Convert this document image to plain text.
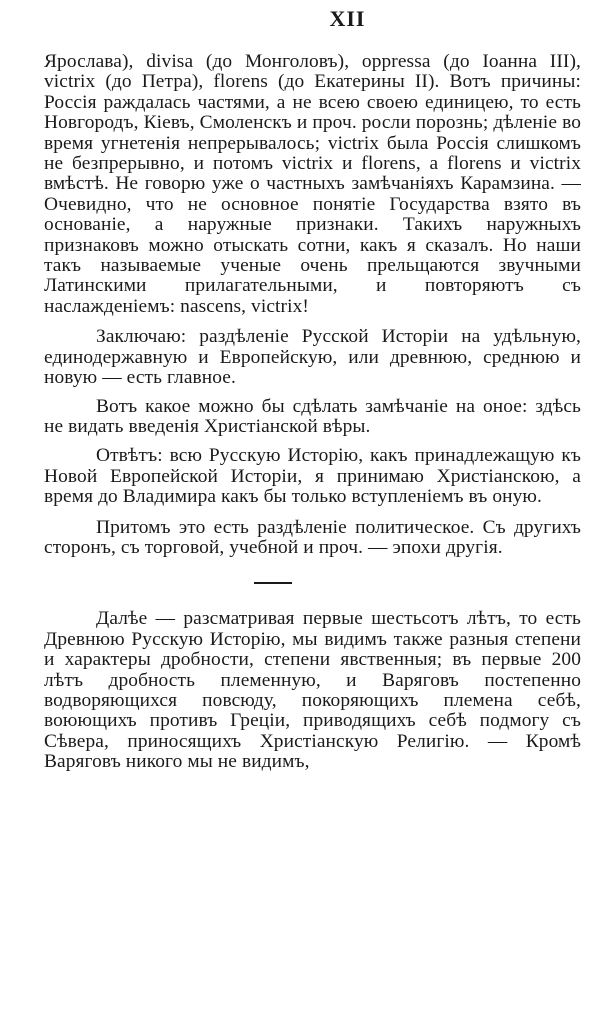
XII

Ярослава), divisa (до Монголовъ), oppressa (до Іоанна III), victrix (до Петра), florens (до Екатерины II). Вотъ причины: Россія раждалась частями, а не всею своею единицею, то есть Новгородъ, Кіевъ, Смоленскъ и проч. росли порознь; дѣленіе во время угнетенія непрерывалось; victrix была Россія слишкомъ не безпрерывно, и потомъ victrix и florens, а florens и victrix вмѣстѣ. Не говорю уже о частныхъ замѣчаніяхъ Карамзина. — Очевидно, что не основное понятіе Государства взято въ основаніе, а наружные признаки. Такихъ наружныхъ признаковъ можно отыскать сотни, какъ я сказалъ. Но наши такъ называемые ученые очень прельщаются звучными Латинскими прилагательными, и повторяютъ съ наслажденіемъ: nascens, victrix!

Заключаю: раздѣленіе Русской Исторіи на удѣльную, единодержавную и Европейскую, или древнюю, среднюю и новую — есть главное.

Вотъ какое можно бы сдѣлать замѣчаніе на оное: здѣсь не видать введенія Христіанской вѣры.

Отвѣтъ: всю Русскую Исторію, какъ принадлежащую къ Новой Европейской Исторіи, я принимаю Христіанскою, а время до Владимира какъ бы только вступленіемъ въ оную.

Притомъ это есть раздѣленіе политическое. Съ другихъ сторонъ, съ торговой, учебной и проч. — эпохи другія.

Далѣе — разсматривая первые шестьсотъ лѣтъ, то есть Древнюю Русскую Исторію, мы видимъ также разныя степени и характеры дробности, степени явственныя; въ первые 200 лѣтъ дробность племенную, и Варяговъ постепенно водворяющихся повсюду, покоряющихъ племена себѣ, воюющихъ противъ Греціи, приводящихъ себѣ подмогу съ Сѣвера, приносящихъ Христіанскую Религію. — Кромѣ Варяговъ никого мы не видимъ,
